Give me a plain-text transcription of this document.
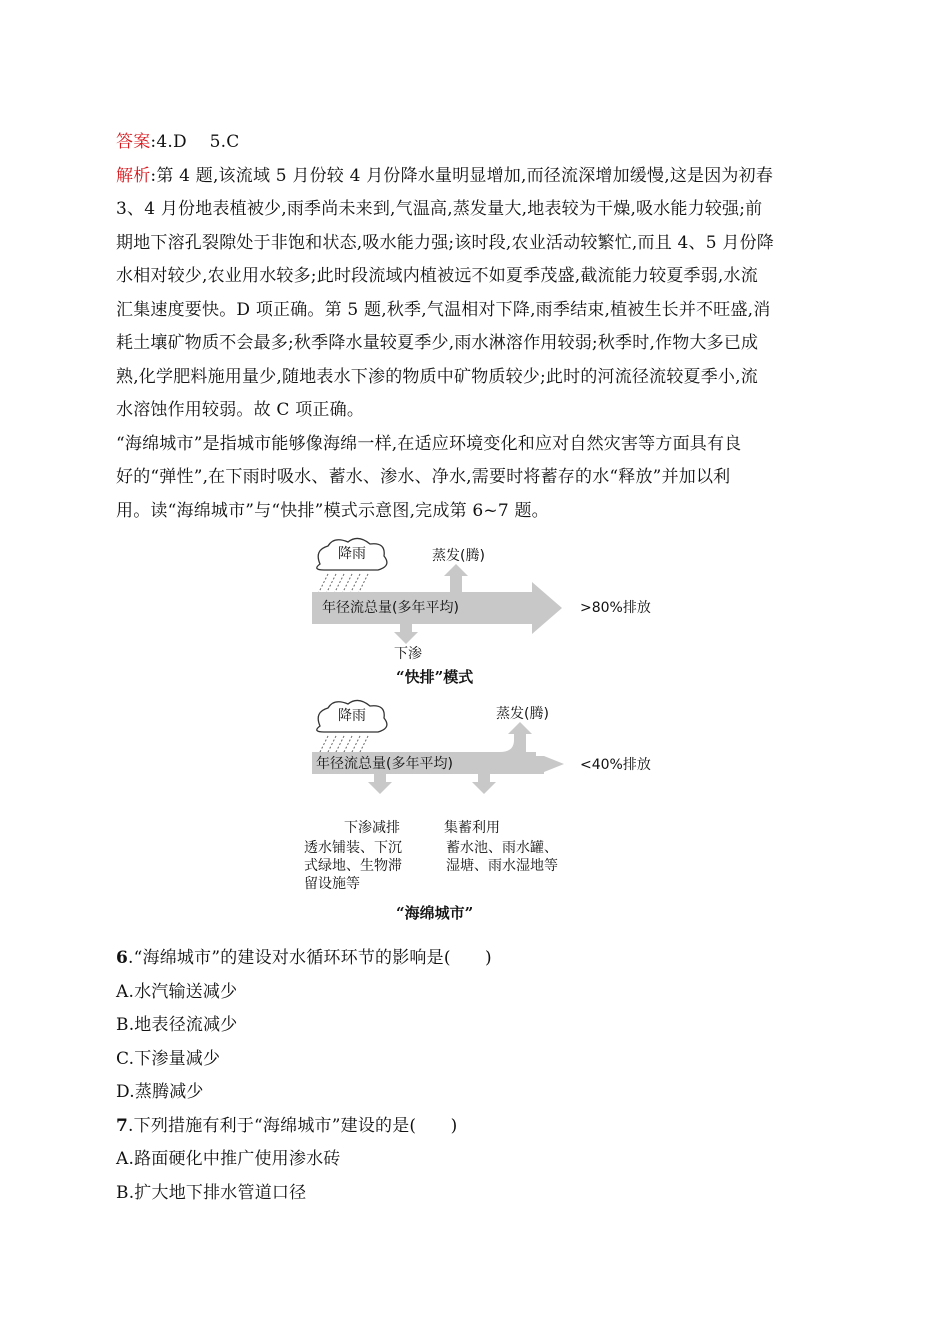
答案:4.D　 5.C
解析:第 4 题,该流域 5 月份较 4 月份降水量明显增加,而径流深增加缓慢,这是因为初春
3、4 月份地表植被少,雨季尚未来到,气温高,蒸发量大,地表较为干燥,吸水能力较强;前
期地下溶孔裂隙处于非饱和状态,吸水能力强;该时段,农业活动较繁忙,而且 4、5 月份降
水相对较少,农业用水较多;此时段流域内植被远不如夏季茂盛,截流能力较夏季弱,水流
汇集速度要快。D 项正确。第 5 题,秋季,气温相对下降,雨季结束,植被生长并不旺盛,消
耗土壤矿物质不会最多;秋季降水量较夏季少,雨水淋溶作用较弱;秋季时,作物大多已成
熟,化学肥料施用量少,随地表水下渗的物质中矿物质较少;此时的河流径流较夏季小,流
水溶蚀作用较弱。故 C 项正确。
“海绵城市”是指城市能够像海绵一样,在适应环境变化和应对自然灾害等方面具有良
好的“弹性”,在下雨时吸水、蓄水、渗水、净水,需要时将蓄存的水“释放”并加以利
用。读“海绵城市”与“快排”模式示意图,完成第 6~7 题。
降雨	蒸发(腾)
年径流总量(多年平均)	>80%排放
下渗
“快排”模式
降雨	蒸发(腾)
年径流总量(多年平均)	<40%排放
下渗减排	集蓄利用
透水铺装、下沉
式绿地、生物滞
留设施等
蓄水池、雨水罐、
湿塘、雨水湿地等
“海绵城市”
6.“海绵城市”的建设对水循环环节的影响是(　　)
A.水汽输送减少
B.地表径流减少
C.下渗量减少
D.蒸腾减少
7.下列措施有利于“海绵城市”建设的是(　　)
A.路面硬化中推广使用渗水砖
B.扩大地下排水管道口径
